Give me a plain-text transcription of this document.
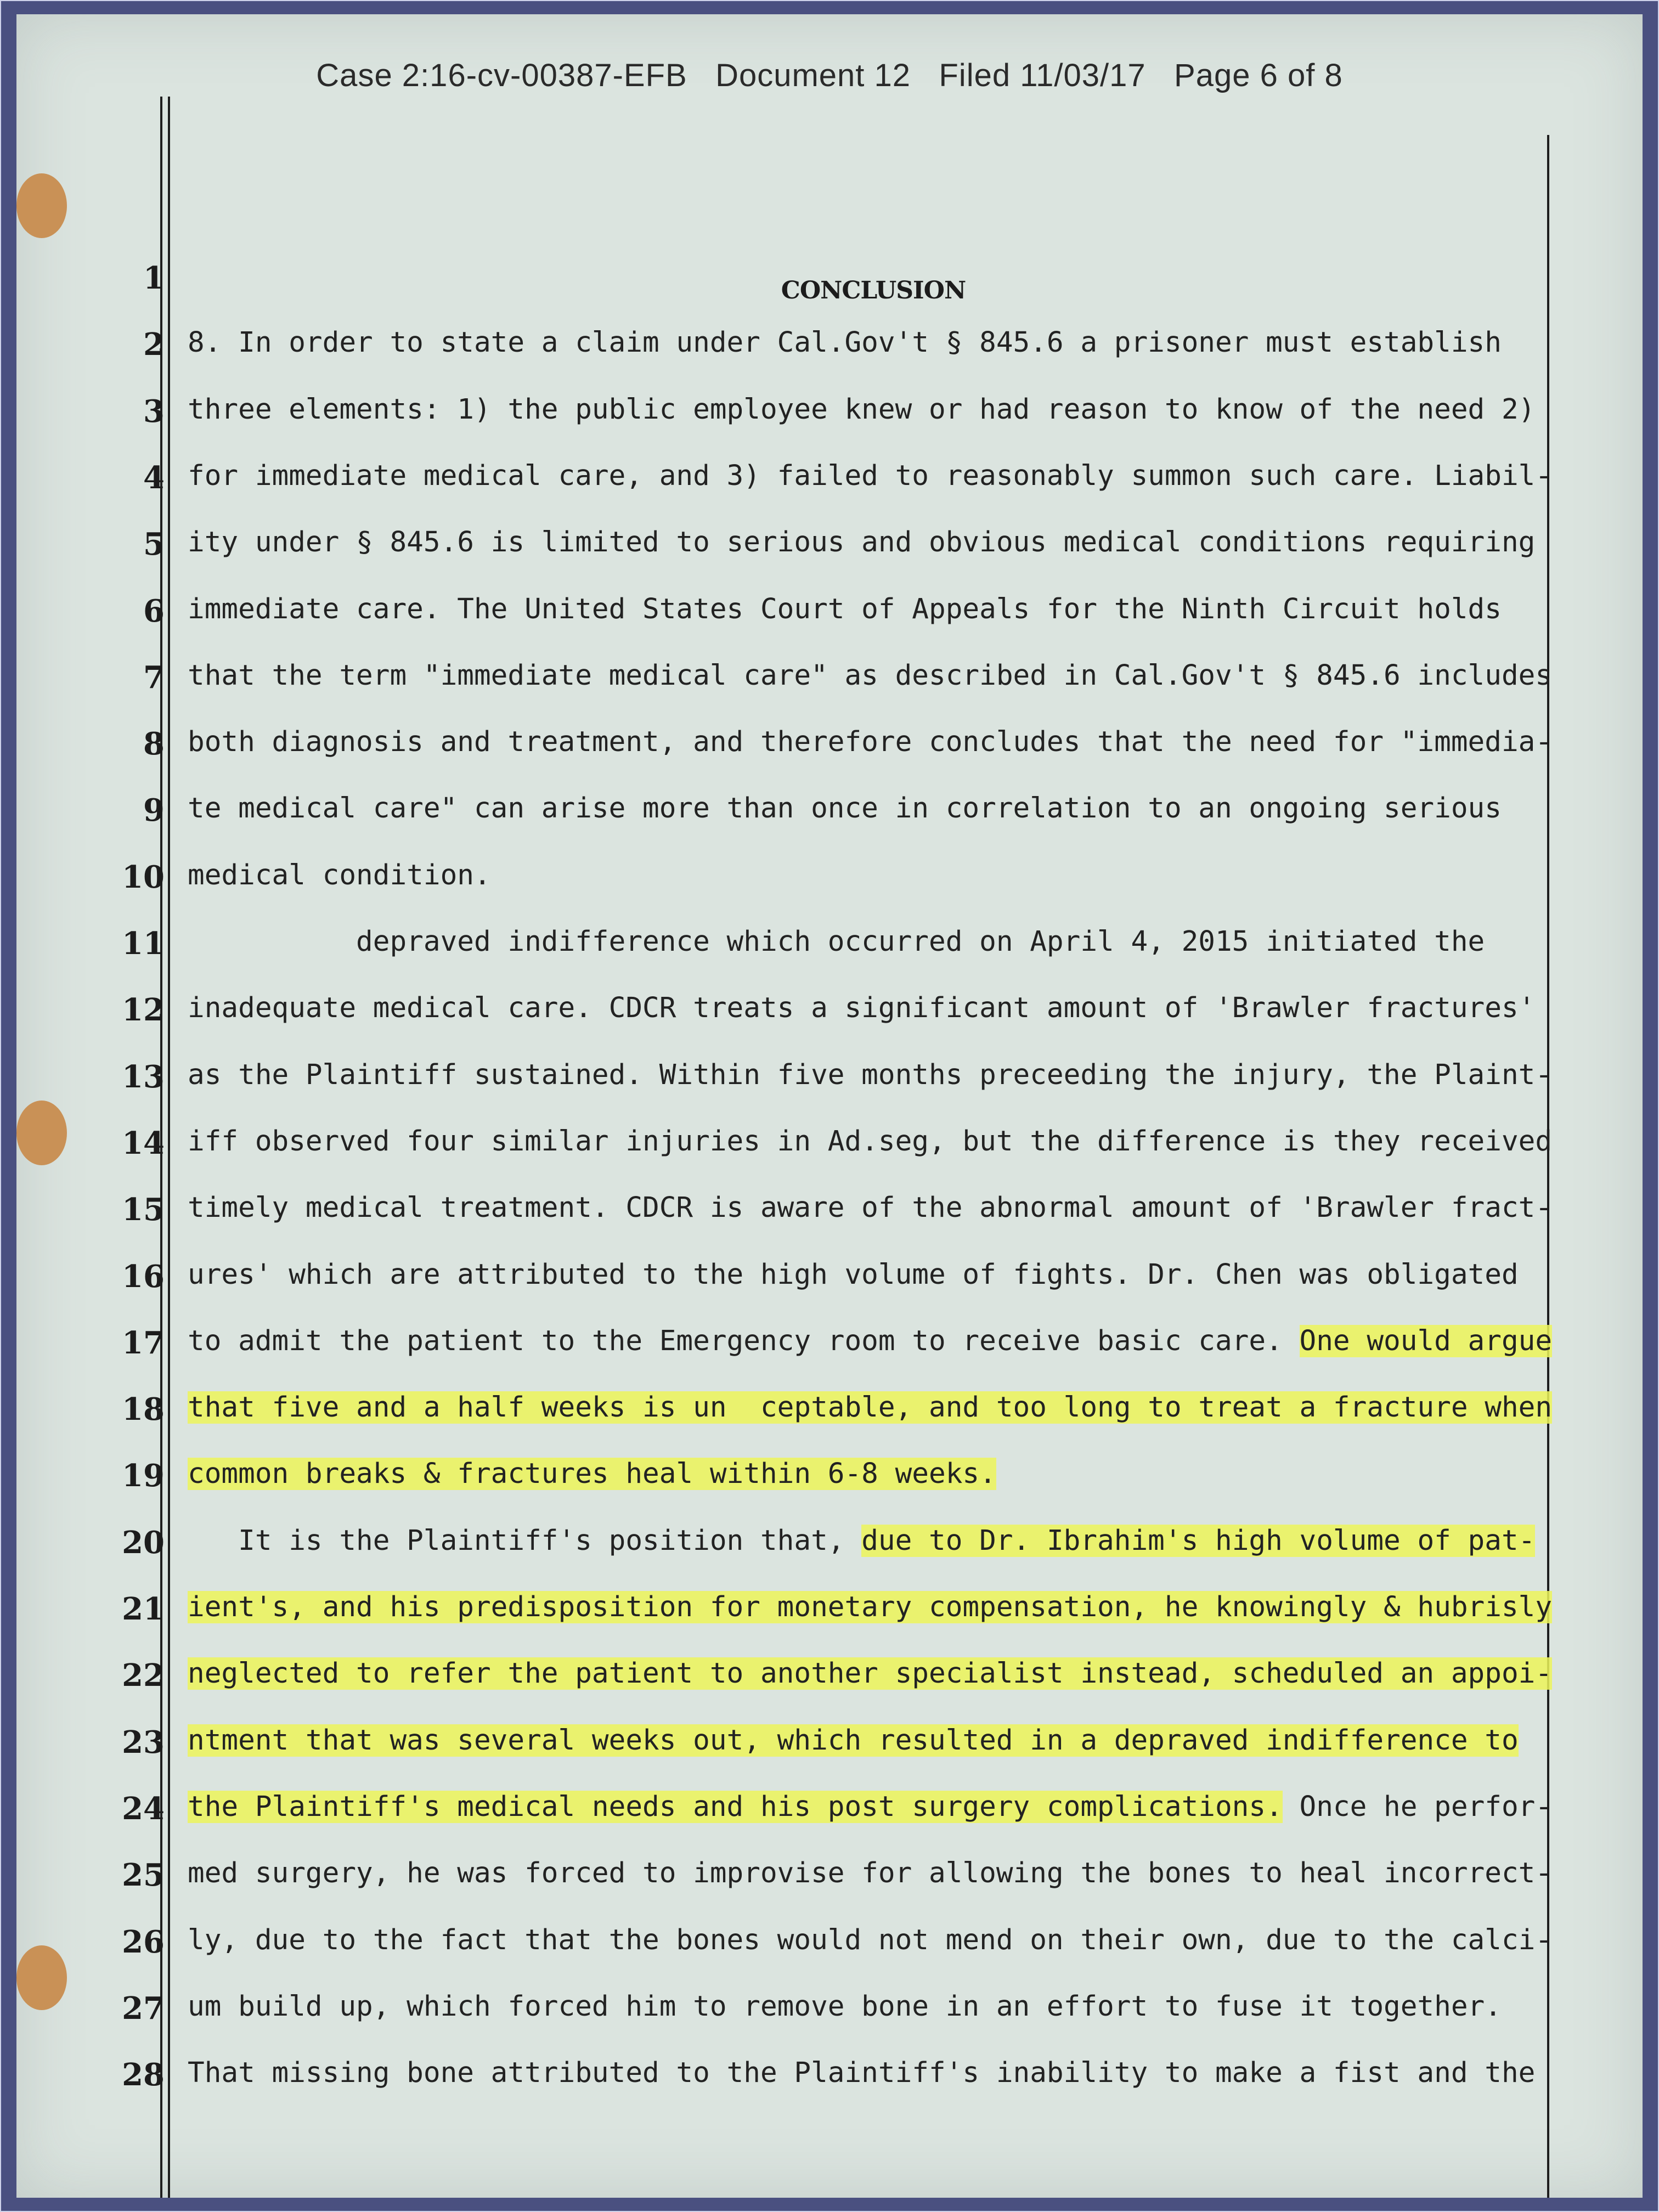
Case 2:16-cv-00387-EFB   Document 12   Filed 11/03/17   Page 6 of 8
1
2
3
4
5
6
7
8
9
10
11
12
13
14
15
16
17
18
19
20
21
22
23
24
25
26
27
28
CONCLUSION
8. In order to state a claim under Cal.Gov't § 845.6 a prisoner must establish
three elements: 1) the public employee knew or had reason to know of the need 2)
for immediate medical care, and 3) failed to reasonably summon such care. Liabil-
ity under § 845.6 is limited to serious and obvious medical conditions requiring
immediate care. The United States Court of Appeals for the Ninth Circuit holds
that the term "immediate medical care" as described in Cal.Gov't § 845.6 includes
both diagnosis and treatment, and therefore concludes that the need for "immedia-
te medical care" can arise more than once in correlation to an ongoing serious
medical condition.
depraved indifference which occurred on April 4, 2015 initiated the
inadequate medical care. CDCR treats a significant amount of 'Brawler fractures'
as the Plaintiff sustained. Within five months preceeding the injury, the Plaint-
iff observed four similar injuries in Ad.seg, but the difference is they received
timely medical treatment. CDCR is aware of the abnormal amount of 'Brawler fract-
ures' which are attributed to the high volume of fights. Dr. Chen was obligated
to admit the patient to the Emergency room to receive basic care. One would argue
that five and a half weeks is un  ceptable, and too long to treat a fracture when
common breaks & fractures heal within 6-8 weeks.
It is the Plaintiff's position that, due to Dr. Ibrahim's high volume of pat-
ient's, and his predisposition for monetary compensation, he knowingly & hubrisly
neglected to refer the patient to another specialist instead, scheduled an appoi-
ntment that was several weeks out, which resulted in a depraved indifference to
the Plaintiff's medical needs and his post surgery complications. Once he perfor-
med surgery, he was forced to improvise for allowing the bones to heal incorrect-
ly, due to the fact that the bones would not mend on their own, due to the calci-
um build up, which forced him to remove bone in an effort to fuse it together.
That missing bone attributed to the Plaintiff's inability to make a fist and the
